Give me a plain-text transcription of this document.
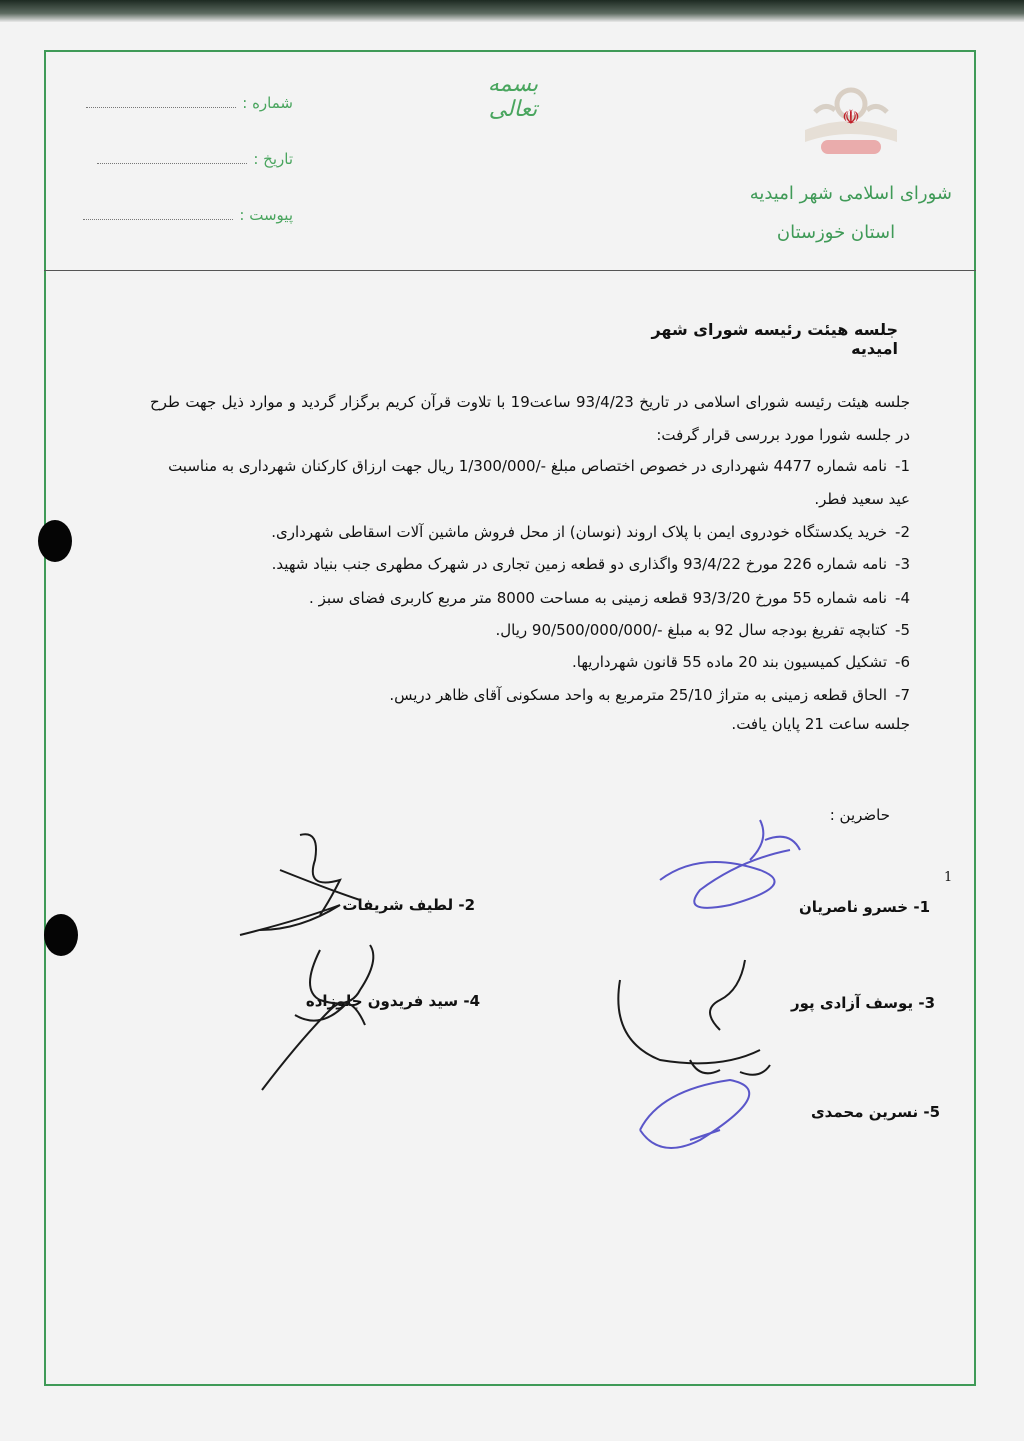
بسمه تعالی
شماره :
تاریخ :
پیوست :
☫
شورای اسلامی شهر امیدیه
استان خوزستان
جلسه هیئت رئیسه شورای شهر امیدیه
جلسه هیئت رئیسه شورای اسلامی در تاریخ 93/4/23 ساعت19 با تلاوت قرآن کریم برگزار گردید و موارد ذیل جهت طرح در جلسه شورا مورد بررسی قرار گرفت:
1-نامه شماره 4477 شهرداری در خصوص اختصاص مبلغ -/1/300/000 ریال جهت ارزاق کارکنان شهرداری به مناسبت عید سعید فطر.
2-خرید یکدستگاه خودروی ایمن با پلاک اروند (نوسان) از محل فروش ماشین آلات اسقاطی شهرداری.
3-نامه شماره 226 مورخ 93/4/22 واگذاری دو قطعه زمین تجاری در شهرک مطهری جنب بنیاد شهید.
4-نامه شماره 55 مورخ 93/3/20 قطعه زمینی به مساحت 8000 متر مربع کاربری فضای سبز .
5-کتابچه تفریغ بودجه سال 92 به مبلغ -/90/500/000/000 ریال.
6-تشکیل کمیسیون بند 20 ماده 55 قانون شهرداریها.
7-الحاق قطعه زمینی به متراژ 25/10 مترمربع به واحد مسکونی آقای ظاهر دریس.
جلسه ساعت 21 پایان یافت.
حاضرین :
1
1- خسرو ناصریان
2- لطیف شریفات
3- یوسف آزادی پور
4- سید فریدون جلوزاده
5- نسرین محمدی
